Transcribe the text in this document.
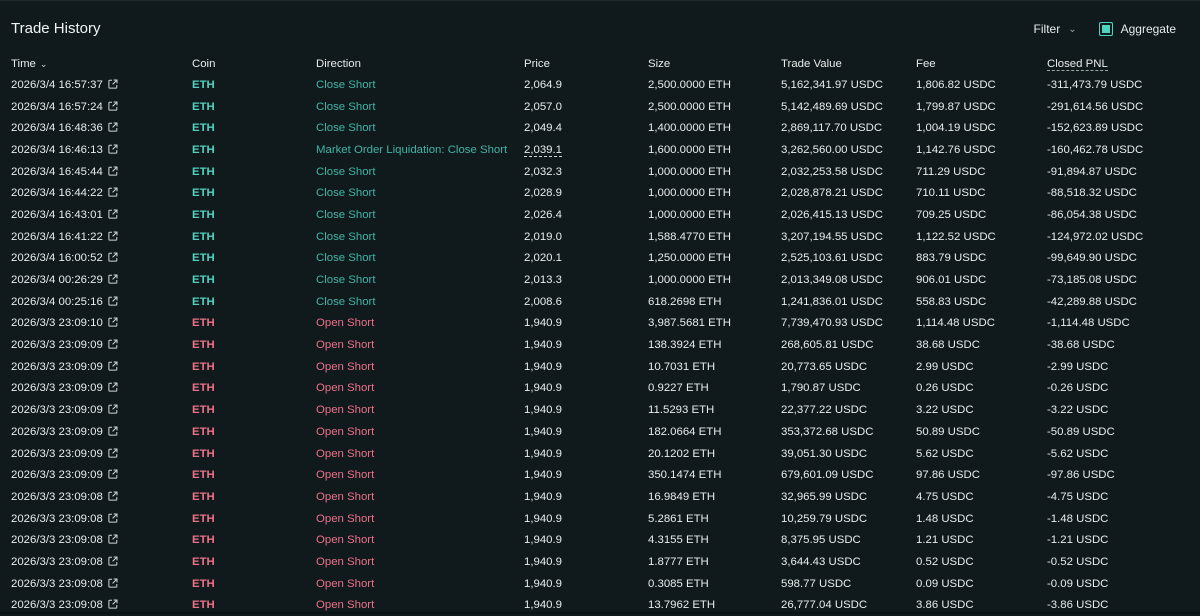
Trade History	Filter ⌄	Aggregate
Time ⌄	Coin	Direction	Price	Size	Trade Value	Fee	Closed PNL
2026/3/4 16:57:37	ETH	Close Short	2,064.9	2,500.0000 ETH	5,162,341.97 USDC	1,806.82 USDC	-311,473.79 USDC
2026/3/4 16:57:24	ETH	Close Short	2,057.0	2,500.0000 ETH	5,142,489.69 USDC	1,799.87 USDC	-291,614.56 USDC
2026/3/4 16:48:36	ETH	Close Short	2,049.4	1,400.0000 ETH	2,869,117.70 USDC	1,004.19 USDC	-152,623.89 USDC
2026/3/4 16:46:13	ETH	Market Order Liquidation: Close Short	2,039.1	1,600.0000 ETH	3,262,560.00 USDC	1,142.76 USDC	-160,462.78 USDC
2026/3/4 16:45:44	ETH	Close Short	2,032.3	1,000.0000 ETH	2,032,253.58 USDC	711.29 USDC	-91,894.87 USDC
2026/3/4 16:44:22	ETH	Close Short	2,028.9	1,000.0000 ETH	2,028,878.21 USDC	710.11 USDC	-88,518.32 USDC
2026/3/4 16:43:01	ETH	Close Short	2,026.4	1,000.0000 ETH	2,026,415.13 USDC	709.25 USDC	-86,054.38 USDC
2026/3/4 16:41:22	ETH	Close Short	2,019.0	1,588.4770 ETH	3,207,194.55 USDC	1,122.52 USDC	-124,972.02 USDC
2026/3/4 16:00:52	ETH	Close Short	2,020.1	1,250.0000 ETH	2,525,103.61 USDC	883.79 USDC	-99,649.90 USDC
2026/3/4 00:26:29	ETH	Close Short	2,013.3	1,000.0000 ETH	2,013,349.08 USDC	906.01 USDC	-73,185.08 USDC
2026/3/4 00:25:16	ETH	Close Short	2,008.6	618.2698 ETH	1,241,836.01 USDC	558.83 USDC	-42,289.88 USDC
2026/3/3 23:09:10	ETH	Open Short	1,940.9	3,987.5681 ETH	7,739,470.93 USDC	1,114.48 USDC	-1,114.48 USDC
2026/3/3 23:09:09	ETH	Open Short	1,940.9	138.3924 ETH	268,605.81 USDC	38.68 USDC	-38.68 USDC
2026/3/3 23:09:09	ETH	Open Short	1,940.9	10.7031 ETH	20,773.65 USDC	2.99 USDC	-2.99 USDC
2026/3/3 23:09:09	ETH	Open Short	1,940.9	0.9227 ETH	1,790.87 USDC	0.26 USDC	-0.26 USDC
2026/3/3 23:09:09	ETH	Open Short	1,940.9	11.5293 ETH	22,377.22 USDC	3.22 USDC	-3.22 USDC
2026/3/3 23:09:09	ETH	Open Short	1,940.9	182.0664 ETH	353,372.68 USDC	50.89 USDC	-50.89 USDC
2026/3/3 23:09:09	ETH	Open Short	1,940.9	20.1202 ETH	39,051.30 USDC	5.62 USDC	-5.62 USDC
2026/3/3 23:09:09	ETH	Open Short	1,940.9	350.1474 ETH	679,601.09 USDC	97.86 USDC	-97.86 USDC
2026/3/3 23:09:08	ETH	Open Short	1,940.9	16.9849 ETH	32,965.99 USDC	4.75 USDC	-4.75 USDC
2026/3/3 23:09:08	ETH	Open Short	1,940.9	5.2861 ETH	10,259.79 USDC	1.48 USDC	-1.48 USDC
2026/3/3 23:09:08	ETH	Open Short	1,940.9	4.3155 ETH	8,375.95 USDC	1.21 USDC	-1.21 USDC
2026/3/3 23:09:08	ETH	Open Short	1,940.9	1.8777 ETH	3,644.43 USDC	0.52 USDC	-0.52 USDC
2026/3/3 23:09:08	ETH	Open Short	1,940.9	0.3085 ETH	598.77 USDC	0.09 USDC	-0.09 USDC
2026/3/3 23:09:08	ETH	Open Short	1,940.9	13.7962 ETH	26,777.04 USDC	3.86 USDC	-3.86 USDC
